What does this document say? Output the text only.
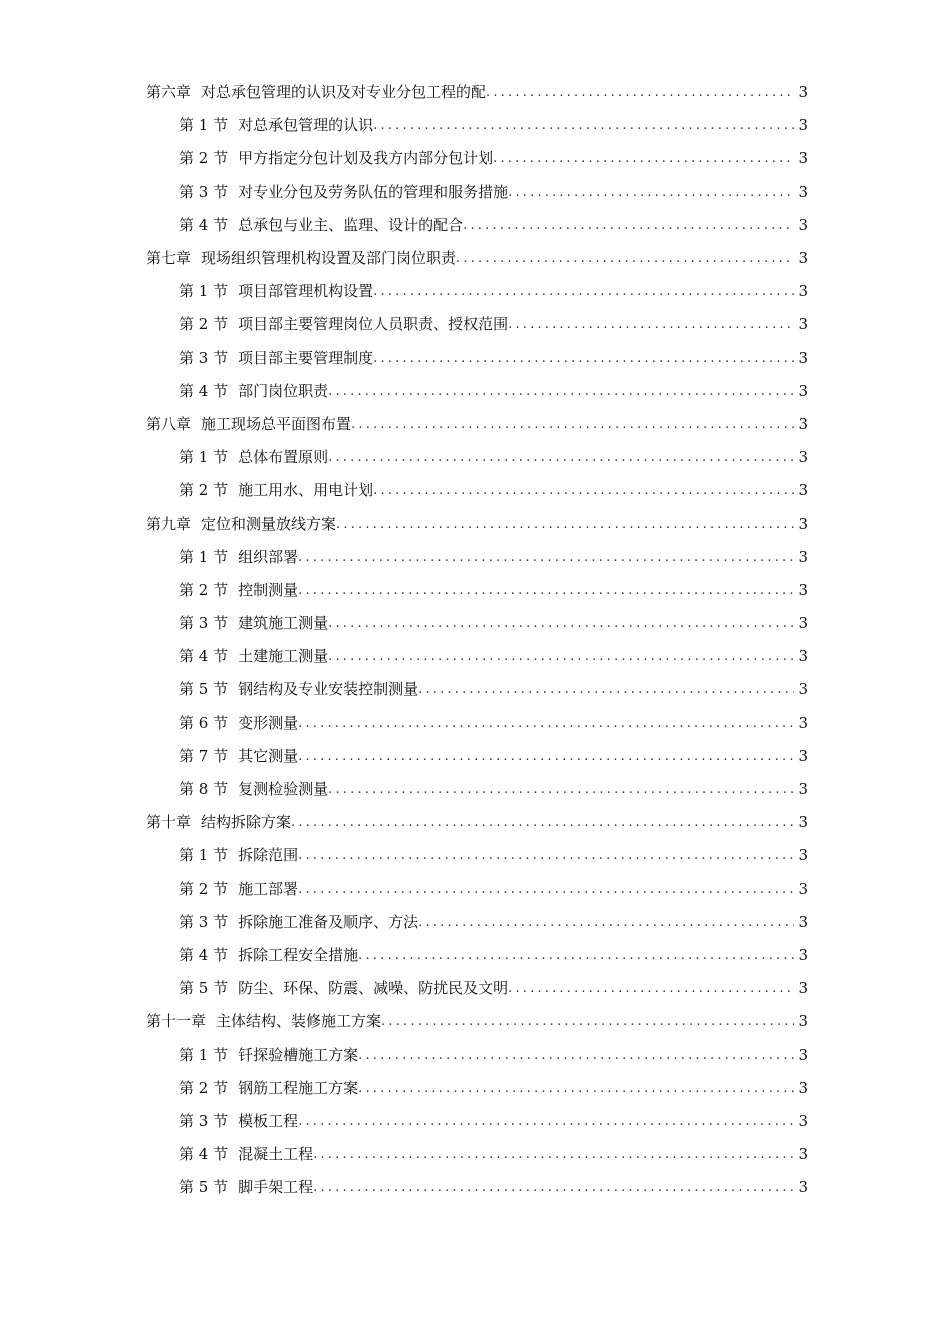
第六章 对总承包管理的认识及对专业分包工程的配 .....	3
第 1 节 对总承包管理的认识 .....	3
第 2 节 甲方指定分包计划及我方内部分包计划 .....	3
第 3 节 对专业分包及劳务队伍的管理和服务措施 .....	3
第 4 节 总承包与业主、监理、设计的配合 .....	3
第七章 现场组织管理机构设置及部门岗位职责 .....	3
第 1 节 项目部管理机构设置 .....	3
第 2 节 项目部主要管理岗位人员职责、授权范围 .....	3
第 3 节 项目部主要管理制度 .....	3
第 4 节 部门岗位职责 .....	3
第八章 施工现场总平面图布置 .....	3
第 1 节 总体布置原则 .....	3
第 2 节 施工用水、用电计划 .....	3
第九章 定位和测量放线方案 .....	3
第 1 节 组织部署 .....	3
第 2 节 控制测量 .....	3
第 3 节 建筑施工测量 .....	3
第 4 节 土建施工测量 .....	3
第 5 节 钢结构及专业安装控制测量 .....	3
第 6 节 变形测量 .....	3
第 7 节 其它测量 .....	3
第 8 节 复测检验测量 .....	3
第十章 结构拆除方案 .....	3
第 1 节 拆除范围 .....	3
第 2 节 施工部署 .....	3
第 3 节 拆除施工准备及顺序、方法 .....	3
第 4 节 拆除工程安全措施 .....	3
第 5 节 防尘、环保、防震、减噪、防扰民及文明 .....	3
第十一章 主体结构、装修施工方案 .....	3
第 1 节 钎探验槽施工方案 .....	3
第 2 节 钢筋工程施工方案 .....	3
第 3 节 模板工程 .....	3
第 4 节 混凝土工程 .....	3
第 5 节 脚手架工程 .....	3
